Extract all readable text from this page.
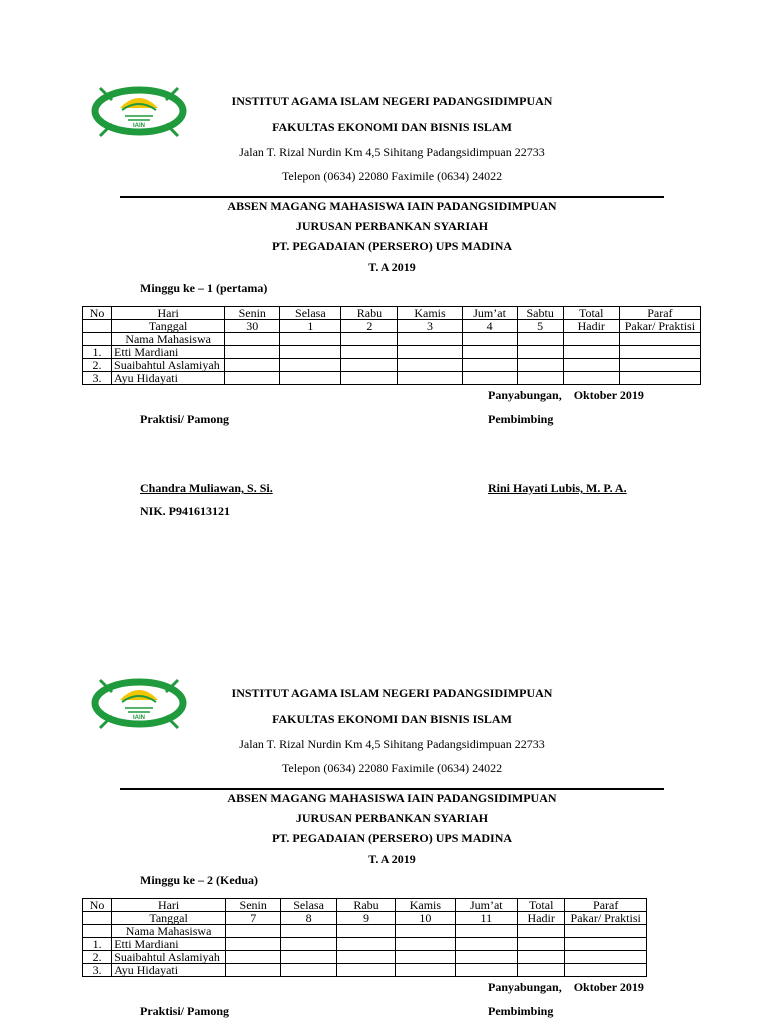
IAIN
INSTITUT AGAMA ISLAM NEGERI PADANGSIDIMPUAN
FAKULTAS EKONOMI DAN BISNIS ISLAM
Jalan T. Rizal Nurdin Km 4,5 Sihitang Padangsidimpuan 22733
Telepon (0634) 22080 Faximile (0634) 24022
ABSEN MAGANG MAHASISWA IAIN PADANGSIDIMPUAN
JURUSAN PERBANKAN SYARIAH
PT. PEGADAIAN (PERSERO) UPS MADINA
T. A 2019
Minggu ke – 1 (pertama)
No	Hari	Senin	Selasa	Rabu	Kamis	Jum’at	Sabtu	Total	Paraf
	Tanggal	30	1	2	3	4	5	Hadir	Pakar/ Praktisi
	Nama Mahasiswa								
1.	Etti Mardiani								
2.	Suaibahtul Aslamiyah								
3.	Ayu Hidayati								
Panyabungan,    Oktober 2019
Praktisi/ Pamong	Pembimbing
Chandra Muliawan, S. Si.	Rini Hayati Lubis, M. P. A.
NIK. P941613121
IAIN
INSTITUT AGAMA ISLAM NEGERI PADANGSIDIMPUAN
FAKULTAS EKONOMI DAN BISNIS ISLAM
Jalan T. Rizal Nurdin Km 4,5 Sihitang Padangsidimpuan 22733
Telepon (0634) 22080 Faximile (0634) 24022
ABSEN MAGANG MAHASISWA IAIN PADANGSIDIMPUAN
JURUSAN PERBANKAN SYARIAH
PT. PEGADAIAN (PERSERO) UPS MADINA
T. A 2019
Minggu ke – 2 (Kedua)
No	Hari	Senin	Selasa	Rabu	Kamis	Jum’at	Total	Paraf
	Tanggal	7	8	9	10	11	Hadir	Pakar/ Praktisi
	Nama Mahasiswa							
1.	Etti Mardiani							
2.	Suaibahtul Aslamiyah							
3.	Ayu Hidayati							
Panyabungan,    Oktober 2019
Praktisi/ Pamong	Pembimbing
